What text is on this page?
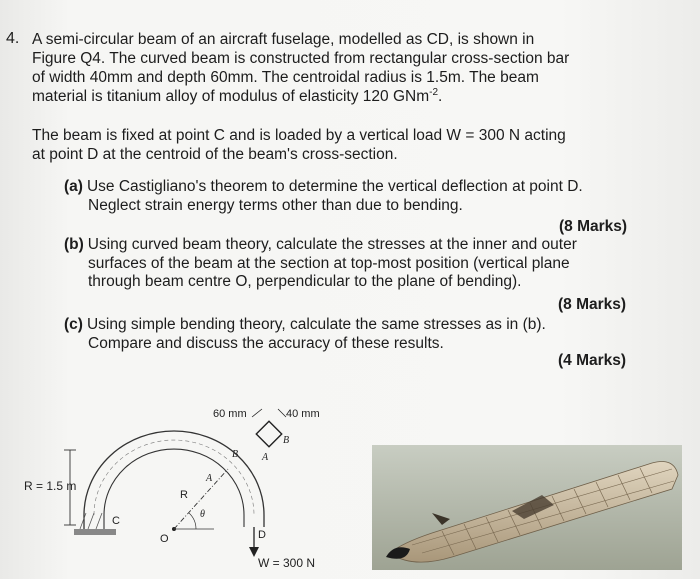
4. A semi-circular beam of an aircraft fuselage, modelled as CD, is shown in
Figure Q4. The curved beam is constructed from rectangular cross-section bar
of width 40mm and depth 60mm. The centroidal radius is 1.5m. The beam
material is titanium alloy of modulus of elasticity 120 GNm$^{-2}$.
The beam is fixed at point C and is loaded by a vertical load W = 300 N acting
at point D at the centroid of the beam's cross-section.
(a) Use Castigliano's theorem to determine the vertical deflection at point D.
Neglect strain energy terms other than due to bending.
(8 Marks)
(b) Using curved beam theory, calculate the stresses at the inner and outer
surfaces of the beam at the section at top-most position (vertical plane
through beam centre O, perpendicular to the plane of bending).
(8 Marks)
(c) Using simple bending theory, calculate the same stresses as in (b).
Compare and discuss the accuracy of these results.
(4 Marks)
60 mm	40 mm
B
C
R = 1.5 m
O
θ
R
A
B A
D
W = 300 N
